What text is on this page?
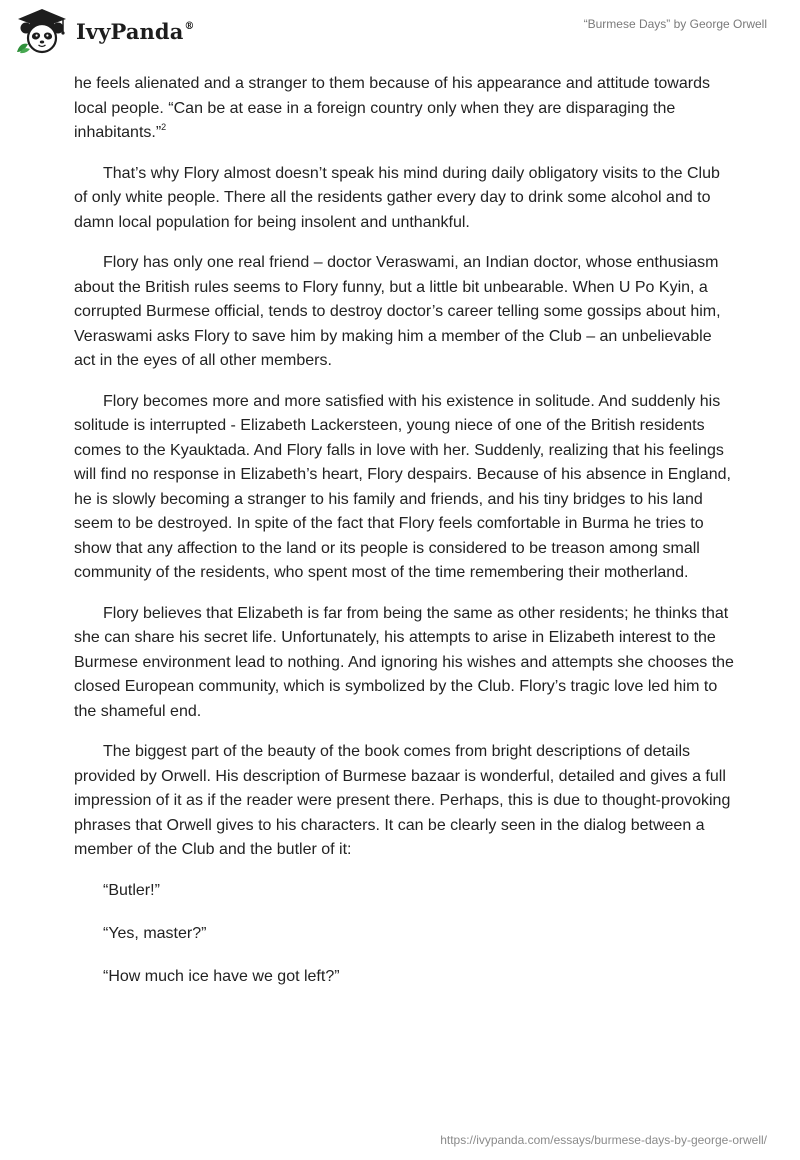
IvyPanda®	“Burmese Days” by George Orwell

he feels alienated and a stranger to them because of his appearance and attitude towards local people. “Can be at ease in a foreign country only when they are disparaging the inhabitants.”$^2$

That’s why Flory almost doesn’t speak his mind during daily obligatory visits to the Club of only white people. There all the residents gather every day to drink some alcohol and to damn local population for being insolent and unthankful.

Flory has only one real friend – doctor Veraswami, an Indian doctor, whose enthusiasm about the British rules seems to Flory funny, but a little bit unbearable. When U Po Kyin, a corrupted Burmese official, tends to destroy doctor’s career telling some gossips about him, Veraswami asks Flory to save him by making him a member of the Club – an unbelievable act in the eyes of all other members.

Flory becomes more and more satisfied with his existence in solitude. And suddenly his solitude is interrupted - Elizabeth Lackersteen, young niece of one of the British residents comes to the Kyauktada. And Flory falls in love with her. Suddenly, realizing that his feelings will find no response in Elizabeth’s heart, Flory despairs. Because of his absence in England, he is slowly becoming a stranger to his family and friends, and his tiny bridges to his land seem to be destroyed. In spite of the fact that Flory feels comfortable in Burma he tries to show that any affection to the land or its people is considered to be treason among small community of the residents, who spent most of the time remembering their motherland.

Flory believes that Elizabeth is far from being the same as other residents; he thinks that she can share his secret life. Unfortunately, his attempts to arise in Elizabeth interest to the Burmese environment lead to nothing. And ignoring his wishes and attempts she chooses the closed European community, which is symbolized by the Club. Flory’s tragic love led him to the shameful end.

The biggest part of the beauty of the book comes from bright descriptions of details provided by Orwell. His description of Burmese bazaar is wonderful, detailed and gives a full impression of it as if the reader were present there. Perhaps, this is due to thought-provoking phrases that Orwell gives to his characters. It can be clearly seen in the dialog between a member of the Club and the butler of it:

“Butler!”

“Yes, master?”

“How much ice have we got left?”

https://ivypanda.com/essays/burmese-days-by-george-orwell/
